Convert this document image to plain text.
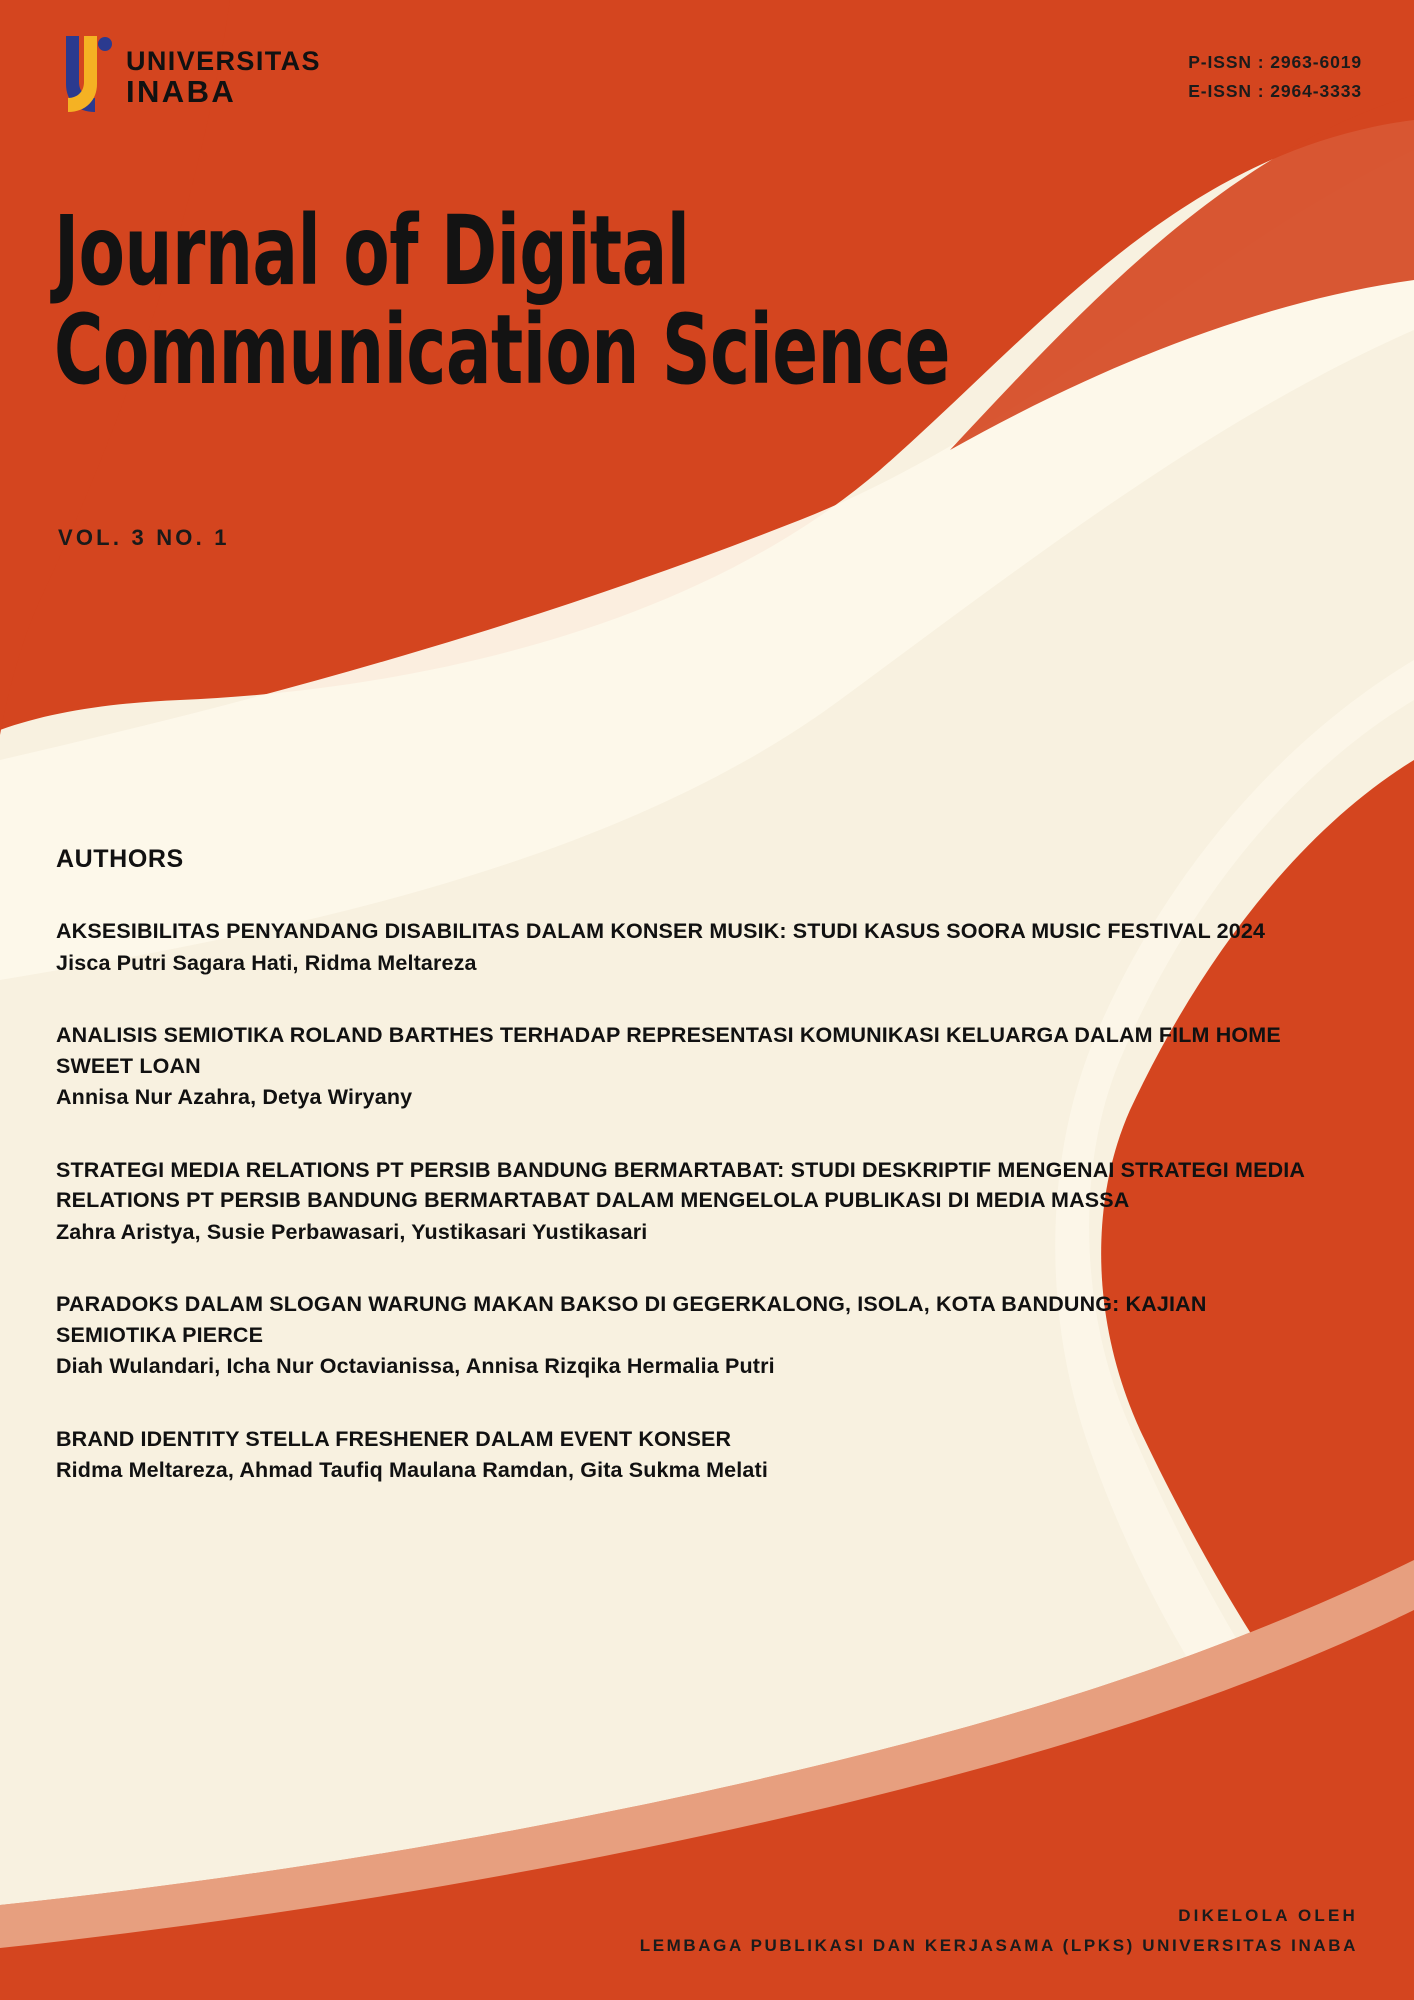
UNIVERSITAS
INABA
P-ISSN : 2963-6019
E-ISSN : 2964-3333
Journal of Digital
Communication Science
VOL. 3 NO. 1
AUTHORS
AKSESIBILITAS PENYANDANG DISABILITAS DALAM KONSER MUSIK: STUDI KASUS SOORA MUSIC FESTIVAL 2024
Jisca Putri Sagara Hati, Ridma Meltareza
ANALISIS SEMIOTIKA ROLAND BARTHES TERHADAP REPRESENTASI KOMUNIKASI KELUARGA DALAM FILM HOME SWEET LOAN
Annisa Nur Azahra, Detya Wiryany
STRATEGI MEDIA RELATIONS PT PERSIB BANDUNG BERMARTABAT: STUDI DESKRIPTIF MENGENAI STRATEGI MEDIA RELATIONS PT PERSIB BANDUNG BERMARTABAT DALAM MENGELOLA PUBLIKASI DI MEDIA MASSA
Zahra Aristya, Susie Perbawasari, Yustikasari Yustikasari
PARADOKS DALAM SLOGAN WARUNG MAKAN BAKSO DI GEGERKALONG, ISOLA, KOTA BANDUNG: KAJIAN SEMIOTIKA PIERCE
Diah Wulandari, Icha Nur Octavianissa, Annisa Rizqika Hermalia Putri
BRAND IDENTITY STELLA FRESHENER DALAM EVENT KONSER
Ridma Meltareza, Ahmad Taufiq Maulana Ramdan, Gita Sukma Melati
DIKELOLA OLEH
LEMBAGA PUBLIKASI DAN KERJASAMA (LPKS) UNIVERSITAS INABA
